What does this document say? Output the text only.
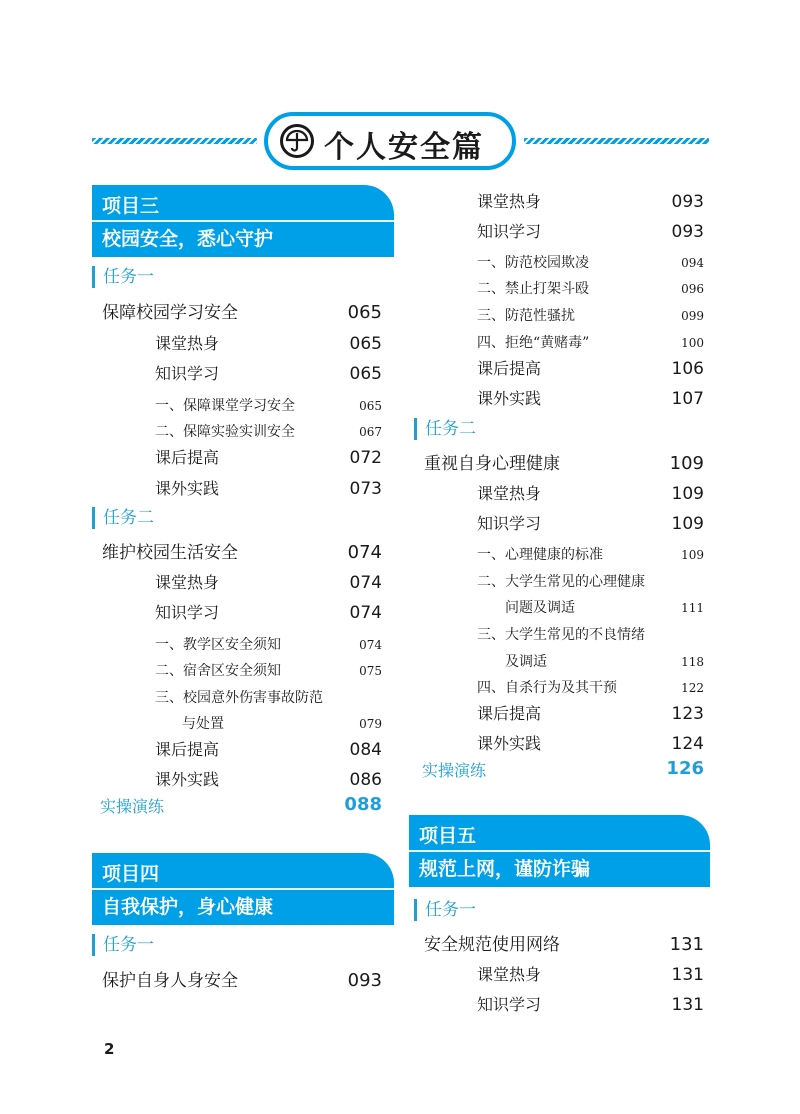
个人安全篇
项目三
校园安全，悉心守护
任务一
保障校园学习安全	065
课堂热身	065
知识学习	065
一、保障课堂学习安全	065
二、保障实验实训安全	067
课后提高	072
课外实践	073
任务二
维护校园生活安全	074
课堂热身	074
知识学习	074
一、教学区安全须知	074
二、宿舍区安全须知	075
三、校园意外伤害事故防范
与处置	079
课后提高	084
课外实践	086
实操演练	088
项目四
自我保护，身心健康
任务一
保护自身人身安全	093
课堂热身	093
知识学习	093
一、防范校园欺凌	094
二、禁止打架斗殴	096
三、防范性骚扰	099
四、拒绝“黄赌毒”	100
课后提高	106
课外实践	107
任务二
重视自身心理健康	109
课堂热身	109
知识学习	109
一、心理健康的标准	109
二、大学生常见的心理健康
问题及调适	111
三、大学生常见的不良情绪
及调适	118
四、自杀行为及其干预	122
课后提高	123
课外实践	124
实操演练	126
项目五
规范上网，谨防诈骗
任务一
安全规范使用网络	131
课堂热身	131
知识学习	131
2
